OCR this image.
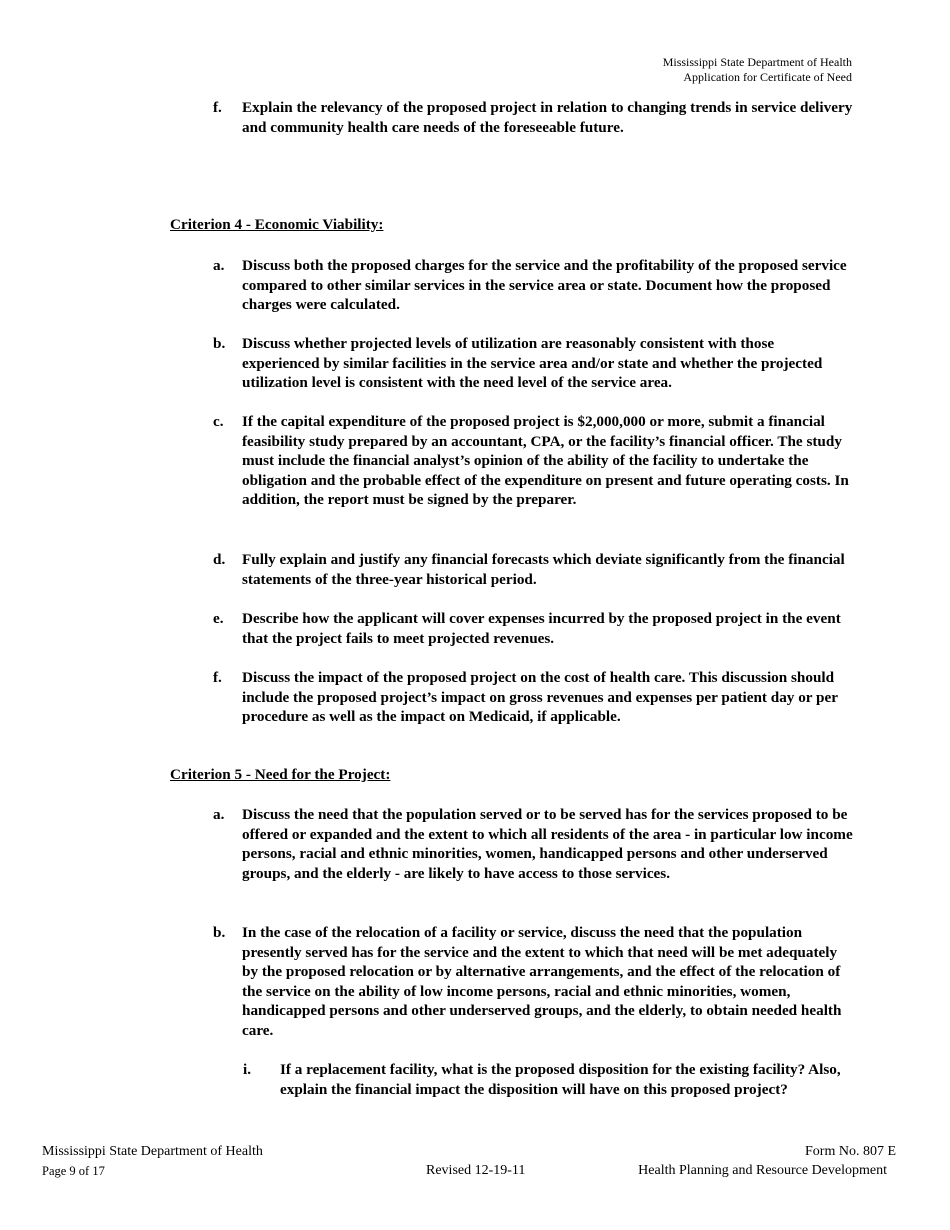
Mississippi State Department of Health
Application for Certificate of Need
f. Explain the relevancy of the proposed project in relation to changing trends in service delivery and community health care needs of the foreseeable future.
Criterion 4 - Economic Viability:
a. Discuss both the proposed charges for the service and the profitability of the proposed service compared to other similar services in the service area or state. Document how the proposed charges were calculated.
b. Discuss whether projected levels of utilization are reasonably consistent with those experienced by similar facilities in the service area and/or state and whether the projected utilization level is consistent with the need level of the service area.
c. If the capital expenditure of the proposed project is $2,000,000 or more, submit a financial feasibility study prepared by an accountant, CPA, or the facility’s financial officer. The study must include the financial analyst’s opinion of the ability of the facility to undertake the obligation and the probable effect of the expenditure on present and future operating costs. In addition, the report must be signed by the preparer.
d. Fully explain and justify any financial forecasts which deviate significantly from the financial statements of the three-year historical period.
e. Describe how the applicant will cover expenses incurred by the proposed project in the event that the project fails to meet projected revenues.
f. Discuss the impact of the proposed project on the cost of health care. This discussion should include the proposed project’s impact on gross revenues and expenses per patient day or per procedure as well as the impact on Medicaid, if applicable.
Criterion 5 - Need for the Project:
a. Discuss the need that the population served or to be served has for the services proposed to be offered or expanded and the extent to which all residents of the area - in particular low income persons, racial and ethnic minorities, women, handicapped persons and other underserved groups, and the elderly - are likely to have access to those services.
b. In the case of the relocation of a facility or service, discuss the need that the population presently served has for the service and the extent to which that need will be met adequately by the proposed relocation or by alternative arrangements, and the effect of the relocation of the service on the ability of low income persons, racial and ethnic minorities, women, handicapped persons and other underserved groups, and the elderly, to obtain needed health care.
i. If a replacement facility, what is the proposed disposition for the existing facility? Also, explain the financial impact the disposition will have on this proposed project?
Mississippi State Department of Health
Page 9 of 17	Revised 12-19-11
Form No. 807 E
Health Planning and Resource Development
